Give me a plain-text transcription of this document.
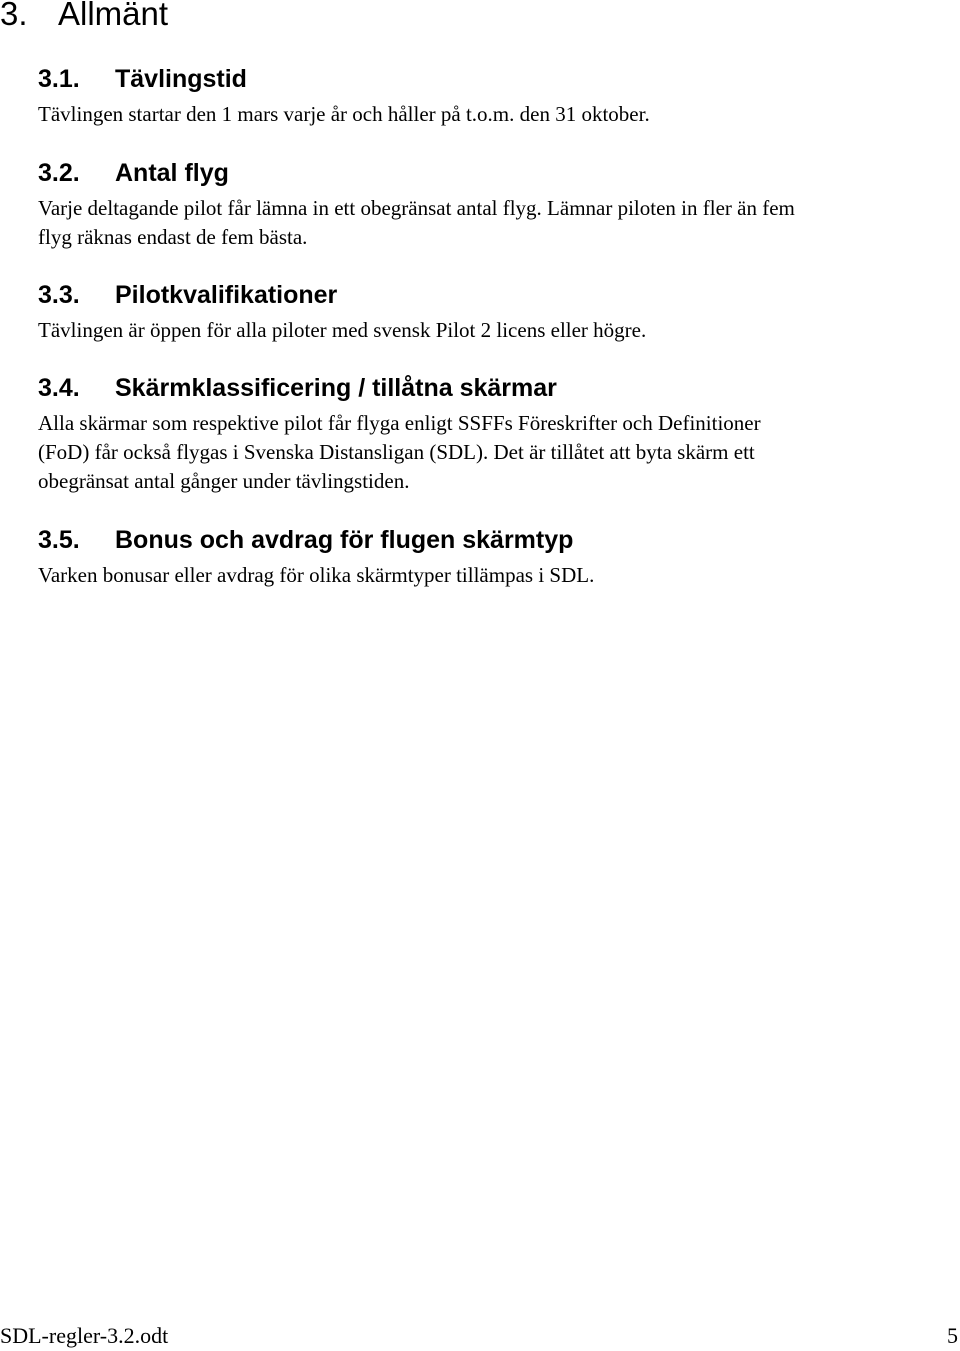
3. Allmänt
3.1. Tävlingstid

Tävlingen startar den 1 mars varje år och håller på t.o.m. den 31 oktober.

3.2. Antal flyg

Varje deltagande pilot får lämna in ett obegränsat antal flyg. Lämnar piloten in fler än fem
flyg räknas endast de fem bästa.

3.3. Pilotkvalifikationer

Tävlingen är öppen för alla piloter med svensk Pilot 2 licens eller högre.

3.4. Skärmklassificering / tillåtna skärmar

Alla skärmar som respektive pilot får flyga enligt SSFFs Föreskrifter och Definitioner
(FoD) får också flygas i Svenska Distansligan (SDL). Det är tillåtet att byta skärm ett
obegränsat antal gånger under tävlingstiden.

3.5. Bonus och avdrag för flugen skärmtyp

Varken bonusar eller avdrag för olika skärmtyper tillämpas i SDL.

SDL-regler-3.2.odt	5
